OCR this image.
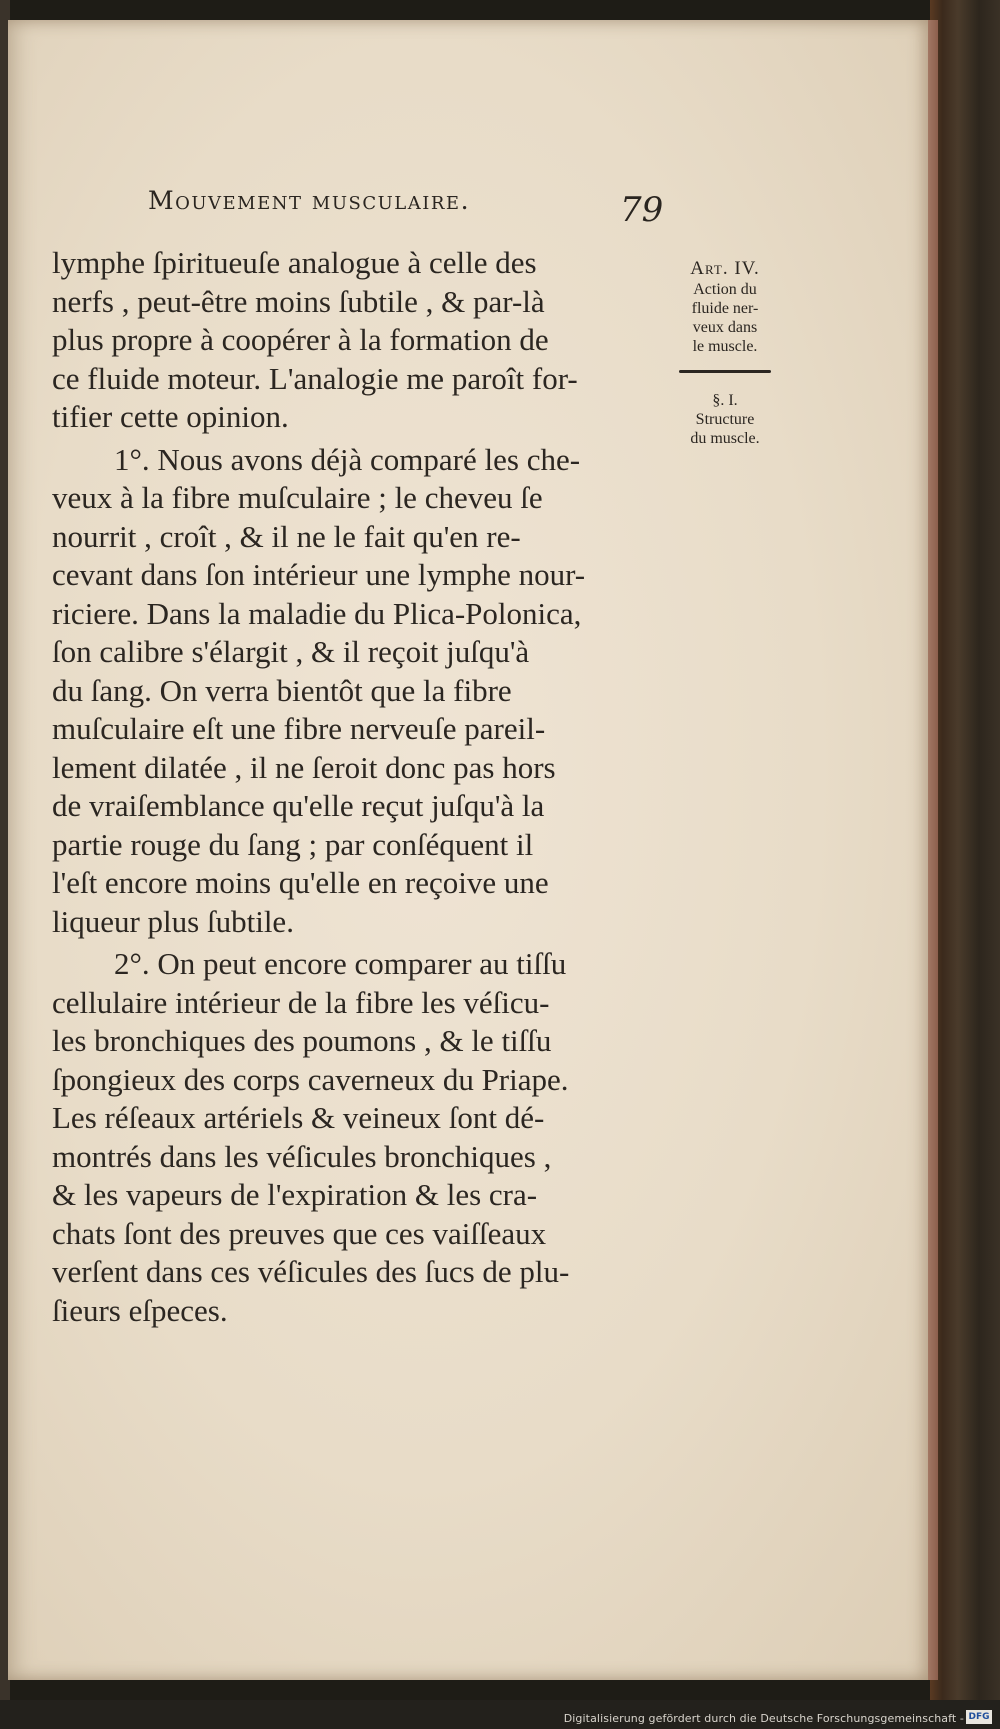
Mouvement musculaire.	79

lymphe ſpiritueuſe analogue à celle des
nerfs , peut-être moins ſubtile , & par-là
plus propre à coopérer à la formation de
ce fluide moteur. L'analogie me paroît for-
tifier cette opinion.

1°. Nous avons déjà comparé les che-
veux à la fibre muſculaire ; le cheveu ſe
nourrit , croît , & il ne le fait qu'en re-
cevant dans ſon intérieur une lymphe nour-
riciere. Dans la maladie du Plica-Polonica,
ſon calibre s'élargit , & il reçoit juſqu'à
du ſang. On verra bientôt que la fibre
muſculaire eſt une fibre nerveuſe pareil-
lement dilatée , il ne ſeroit donc pas hors
de vraiſemblance qu'elle reçut juſqu'à la
partie rouge du ſang ; par conſéquent il
l'eſt encore moins qu'elle en reçoive une
liqueur plus ſubtile.

2°. On peut encore comparer au tiſſu
cellulaire intérieur de la fibre les véſicu-
les bronchiques des poumons , & le tiſſu
ſpongieux des corps caverneux du Priape.
Les réſeaux artériels & veineux ſont dé-
montrés dans les véſicules bronchiques ,
& les vapeurs de l'expiration & les cra-
chats ſont des preuves que ces vaiſſeaux
verſent dans ces véſicules des ſucs de plu-
ſieurs eſpeces.

Art. IV.
Action du
fluide ner-
veux dans
le muscle.
§. I.
Structure
du muscle.
Digitalisierung gefördert durch die Deutsche Forschungsgemeinschaft - DFG
